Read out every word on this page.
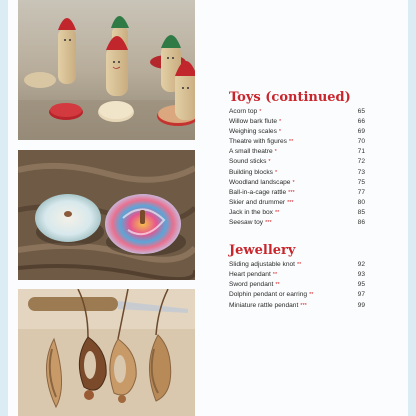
Toys (continued)
Acorn top *	65
Willow bark flute *	66
Weighing scales *	69
Theatre with figures **	70
A small theatre *	71
Sound sticks *	72
Building blocks *	73
Woodland landscape *	75
Ball-in-a-cage rattle ***	77
Skier and drummer ***	80
Jack in the box **	85
Seesaw toy ***	86
Jewellery
Sliding adjustable knot **	92
Heart pendant **	93
Sword pendant **	95
Dolphin pendant or earring **	97
Miniature rattle pendant ***	99
